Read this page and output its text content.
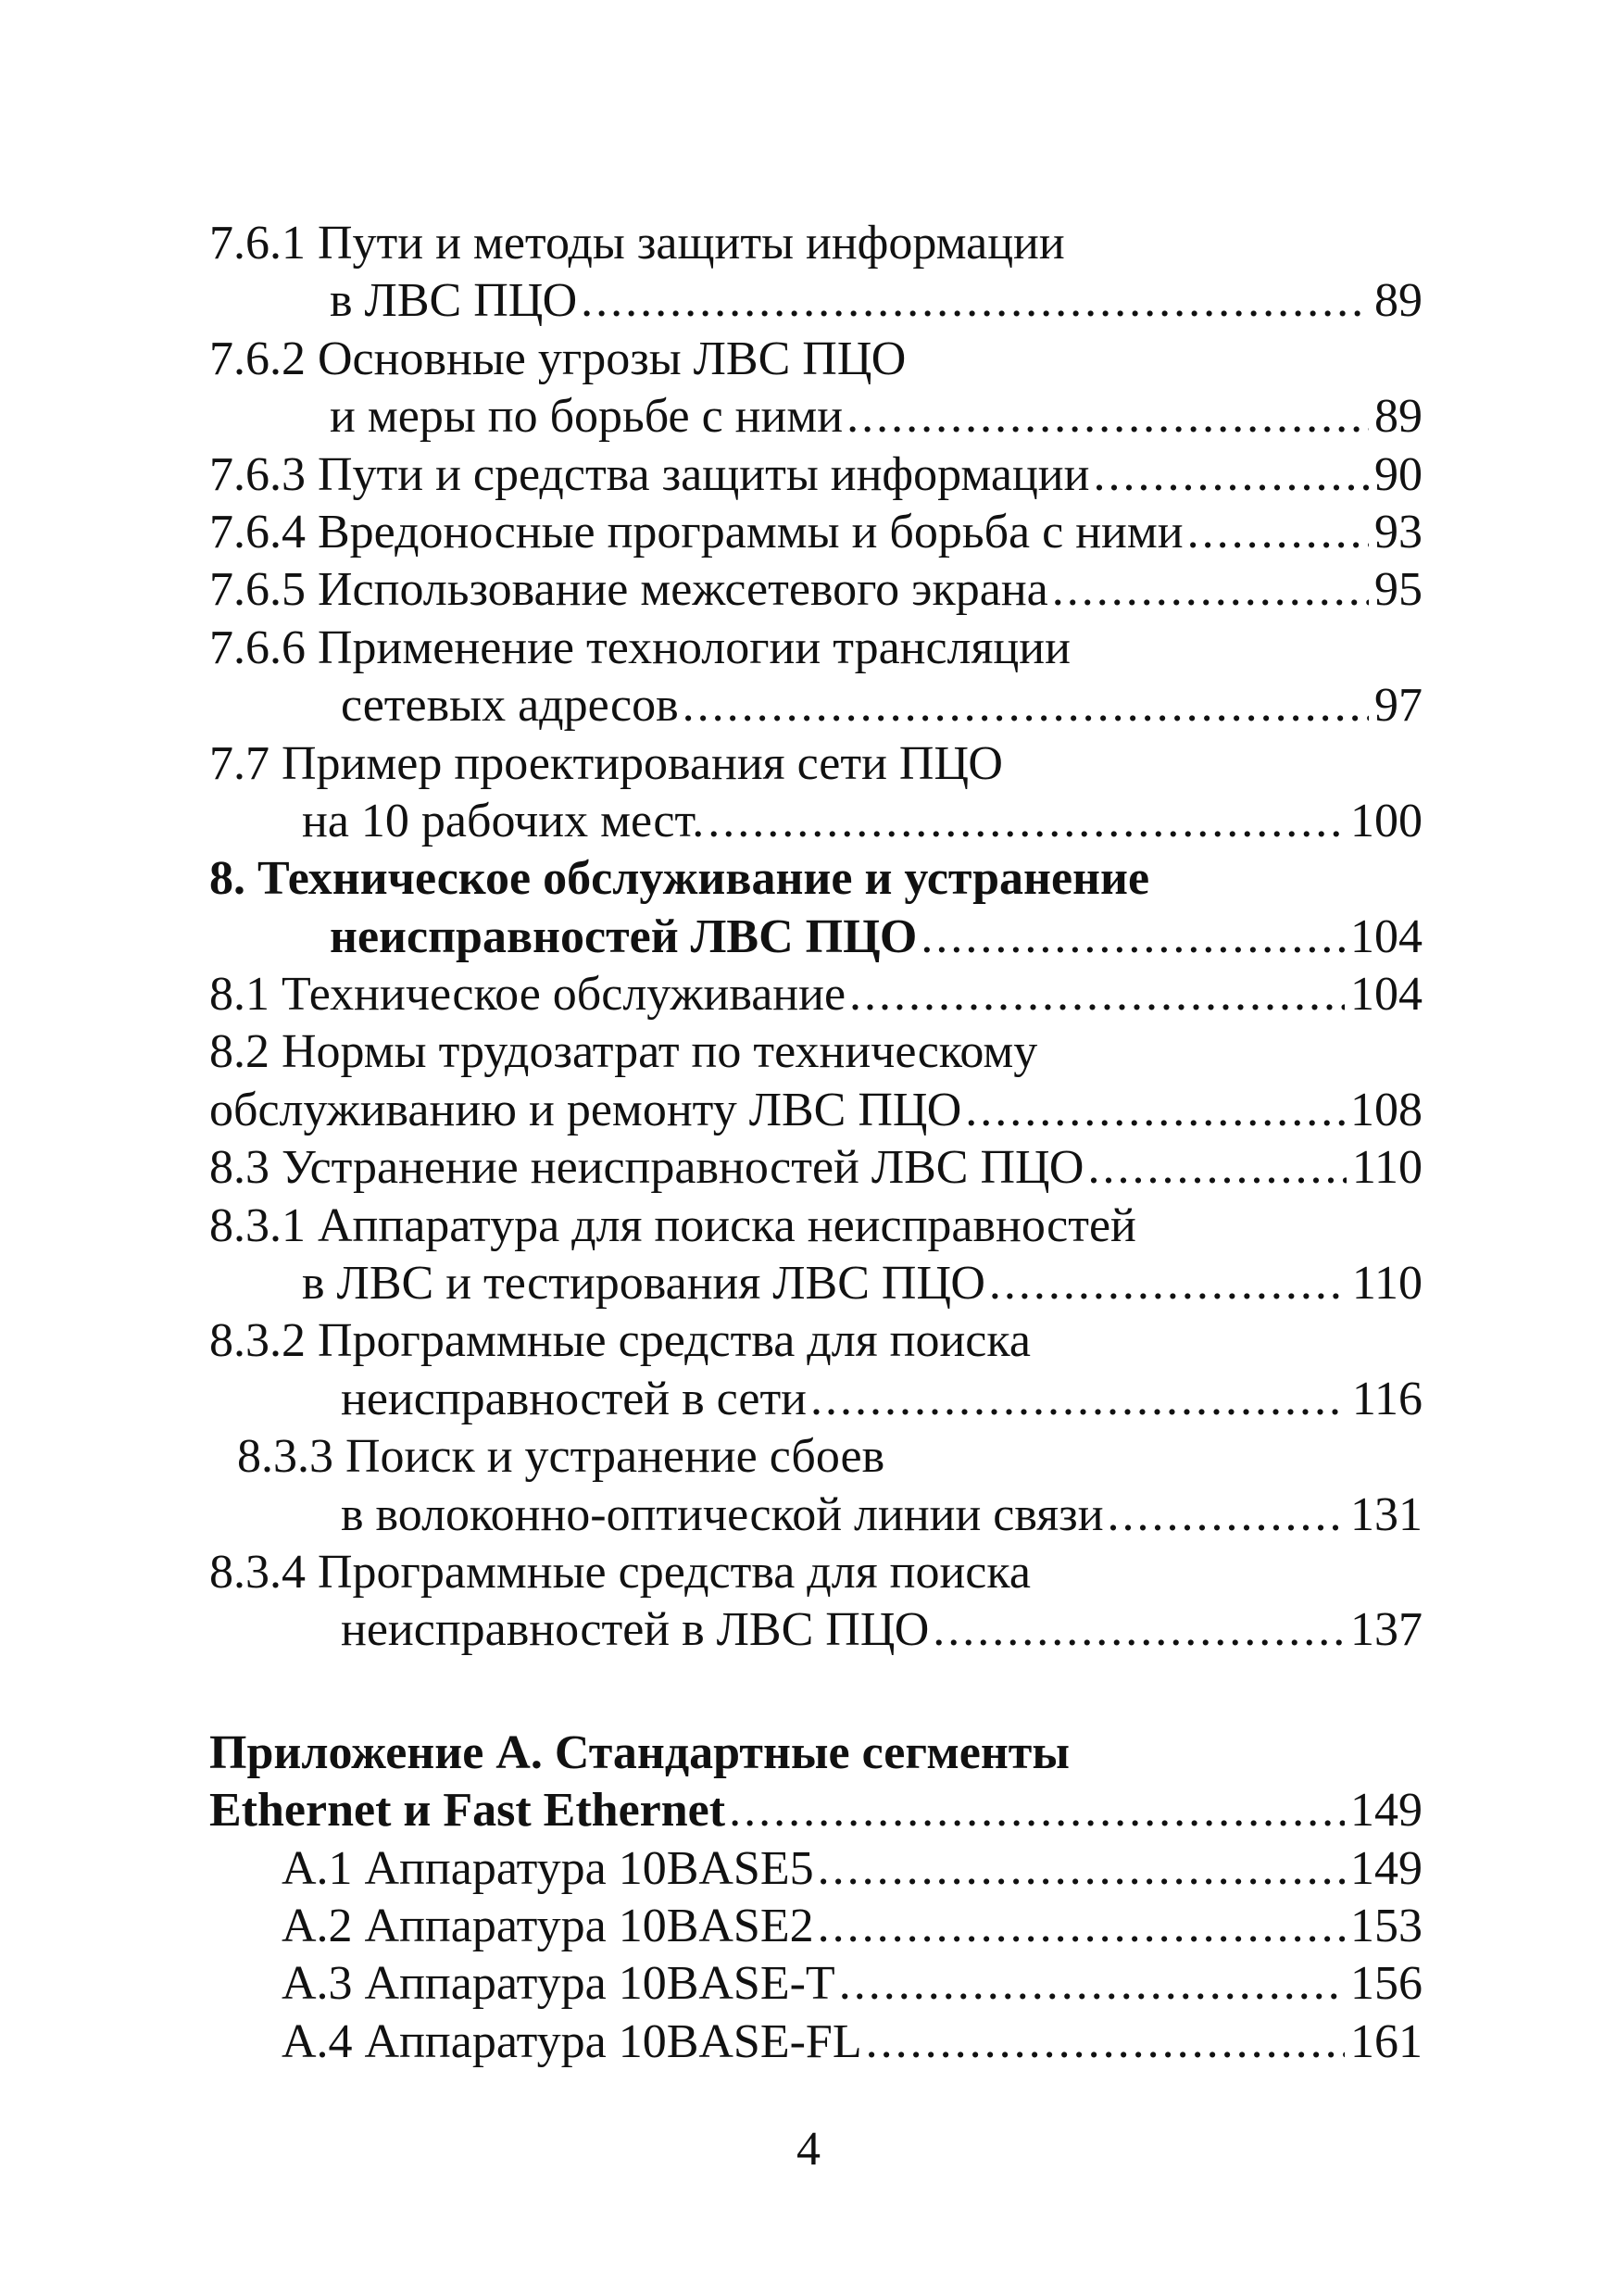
7.6.1 Пути и методы защиты информации
в ЛВС ПЦО .....	89
7.6.2 Основные угрозы ЛВС ПЦО
и меры по борьбе с ними .....	89
7.6.3 Пути и средства защиты информации .....	90
7.6.4 Вредоносные программы и борьба с ними .....	93
7.6.5 Использование межсетевого экрана .....	95
7.6.6 Применение технологии трансляции
сетевых адресов .....	97
7.7 Пример проектирования сети ПЦО
на 10 рабочих мест. .....	100
8. Техническое обслуживание и устранение
неисправностей ЛВС ПЦО .....	104
8.1 Техническое обслуживание .....	104
8.2 Нормы трудозатрат по техническому
обслуживанию и ремонту ЛВС ПЦО .....	108
8.3 Устранение неисправностей ЛВС ПЦО .....	110
8.3.1 Аппаратура для поиска неисправностей
в ЛВС и тестирования ЛВС ПЦО .....	110
8.3.2 Программные средства для поиска
неисправностей в сети .....	116
8.3.3 Поиск и устранение сбоев
в волоконно-оптической линии связи .....	131
8.3.4 Программные средства для поиска
неисправностей в ЛВС ПЦО .....	137
Приложение А. Стандартные сегменты
Ethernet и Fast Ethernet .....	149
А.1 Аппаратура 10BASE5 .....	149
А.2 Аппаратура 10BASE2 .....	153
А.3 Аппаратура 10BASE-T .....	156
А.4 Аппаратура 10BASE-FL .....	161
4
